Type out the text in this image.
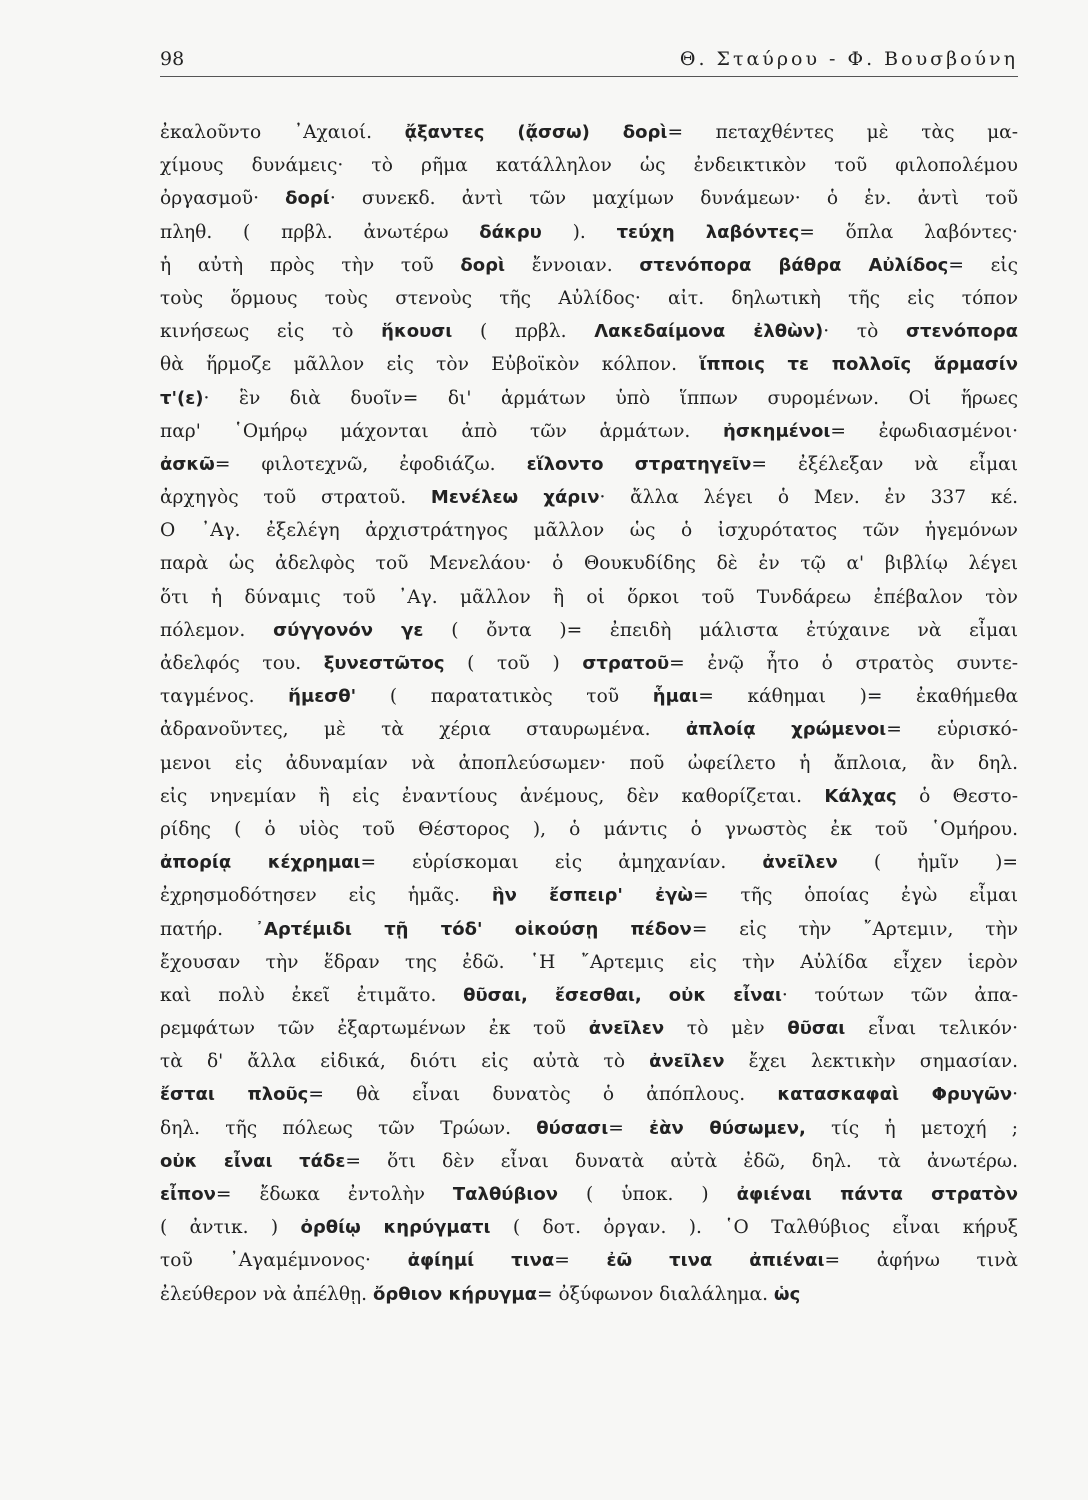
98	Θ. Σταύρου - Φ. Βουσβούνη
ἐκαλοῦντο ᾿Αχαιοί. ᾄξαντες (ᾄσσω) δορὶ= πεταχθέντες μὲ τὰς μα-
χίμους δυνάμεις· τὸ ρῆμα κατάλληλον ὡς ἐνδεικτικὸν τοῦ φιλοπολέμου
ὀργασμοῦ· δορί· συνεκδ. ἀντὶ τῶν μαχίμων δυνάμεων· ὁ ἑν. ἀντὶ τοῦ
πληθ. ( πρβλ. ἀνωτέρω δάκρυ ). τεύχη λαβόντες= ὅπλα λαβόντες·
ἡ αὐτὴ πρὸς τὴν τοῦ δορὶ ἔννοιαν. στενόπορα βάθρα Αὐλίδος= εἰς
τοὺς ὅρμους τοὺς στενοὺς τῆς Αὐλίδος· αἰτ. δηλωτικὴ τῆς εἰς τόπον
κινήσεως εἰς τὸ ἥκουσι ( πρβλ. Λακεδαίμονα ἐλθὼν)· τὸ στενόπορα
θὰ ἥρμοζε μᾶλλον εἰς τὸν Εὐβοϊκὸν κόλπον. ἵπποις τε πολλοῖς ἅρμασίν
τ'(ε)· ἓν διὰ δυοῖν= δι' ἁρμάτων ὑπὸ ἵππων συρομένων. Οἱ ἥρωες
παρ' ῾Ομήρῳ μάχονται ἀπὸ τῶν ἁρμάτων. ἠσκημένοι= ἐφωδιασμένοι·
ἀσκῶ= φιλοτεχνῶ, ἐφοδιάζω. εἵλοντο στρατηγεῖν= ἐξέλεξαν νὰ εἶμαι
ἀρχηγὸς τοῦ στρατοῦ. Μενέλεω χάριν· ἄλλα λέγει ὁ Μεν. ἐν 337 κέ.
Ο ᾿Αγ. ἐξελέγη ἀρχιστράτηγος μᾶλλον ὡς ὁ ἰσχυρότατος τῶν ἡγεμόνων
παρὰ ὡς ἀδελφὸς τοῦ Μενελάου· ὁ Θουκυδίδης δὲ ἐν τῷ α' βιβλίῳ λέγει
ὅτι ἡ δύναμις τοῦ ᾿Αγ. μᾶλλον ἢ οἱ ὅρκοι τοῦ Τυνδάρεω ἐπέβαλον τὸν
πόλεμον. σύγγονόν γε ( ὄντα )= ἐπειδὴ μάλιστα ἐτύχαινε νὰ εἶμαι
ἀδελφός του. ξυνεστῶτος ( τοῦ ) στρατοῦ= ἐνῷ ἦτο ὁ στρατὸς συντε-
ταγμένος. ἥμεσθ' ( παρατατικὸς τοῦ ἧμαι= κάθημαι )= ἐκαθήμεθα
ἀδρανοῦντες, μὲ τὰ χέρια σταυρωμένα. ἀπλοίᾳ χρώμενοι= εὑρισκό-
μενοι εἰς ἀδυναμίαν νὰ ἀποπλεύσωμεν· ποῦ ὠφείλετο ἡ ἄπλοια, ἂν δηλ.
εἰς νηνεμίαν ἢ εἰς ἐναντίους ἀνέμους, δὲν καθορίζεται. Κάλχας ὁ Θεστο-
ρίδης ( ὁ υἱὸς τοῦ Θέστορος ), ὁ μάντις ὁ γνωστὸς ἐκ τοῦ ῾Ομήρου.
ἀπορίᾳ κέχρημαι= εὑρίσκομαι εἰς ἀμηχανίαν. ἀνεῖλεν ( ἡμῖν )=
ἐχρησμοδότησεν εἰς ἡμᾶς. ἣν ἔσπειρ' ἐγὼ= τῆς ὁποίας ἐγὼ εἶμαι
πατήρ. ᾿Αρτέμιδι τῇ τόδ' οἰκούσῃ πέδον= εἰς τὴν ῎Αρτεμιν, τὴν
ἔχουσαν τὴν ἕδραν της ἐδῶ. ῾Η ῎Αρτεμις εἰς τὴν Αὐλίδα εἶχεν ἱερὸν
καὶ πολὺ ἐκεῖ ἐτιμᾶτο. θῦσαι, ἔσεσθαι, οὐκ εἶναι· τούτων τῶν ἀπα-
ρεμφάτων τῶν ἐξαρτωμένων ἐκ τοῦ ἀνεῖλεν τὸ μὲν θῦσαι εἶναι τελικόν·
τὰ δ' ἄλλα εἰδικά, διότι εἰς αὐτὰ τὸ ἀνεῖλεν ἔχει λεκτικὴν σημασίαν.
ἔσται πλοῦς= θὰ εἶναι δυνατὸς ὁ ἀπόπλους. κατασκαφαὶ Φρυγῶν·
δηλ. τῆς πόλεως τῶν Τρώων. θύσασι= ἐὰν θύσωμεν, τίς ἡ μετοχή ;
οὐκ εἶναι τάδε= ὅτι δὲν εἶναι δυνατὰ αὐτὰ ἐδῶ, δηλ. τὰ ἀνωτέρω.
εἶπον= ἔδωκα ἐντολὴν Ταλθύβιον ( ὑποκ. ) ἀφιέναι πάντα στρατὸν
( ἀντικ. ) ὀρθίῳ κηρύγματι ( δοτ. ὀργαν. ). ῾Ο Ταλθύβιος εἶναι κήρυξ
τοῦ ᾿Αγαμέμνονος· ἀφίημί τινα= ἐῶ τινα ἀπιέναι= ἀφήνω τινὰ
ἐλεύθερον νὰ ἀπέλθῃ. ὄρθιον κήρυγμα= ὀξύφωνον διαλάλημα. ὡς
